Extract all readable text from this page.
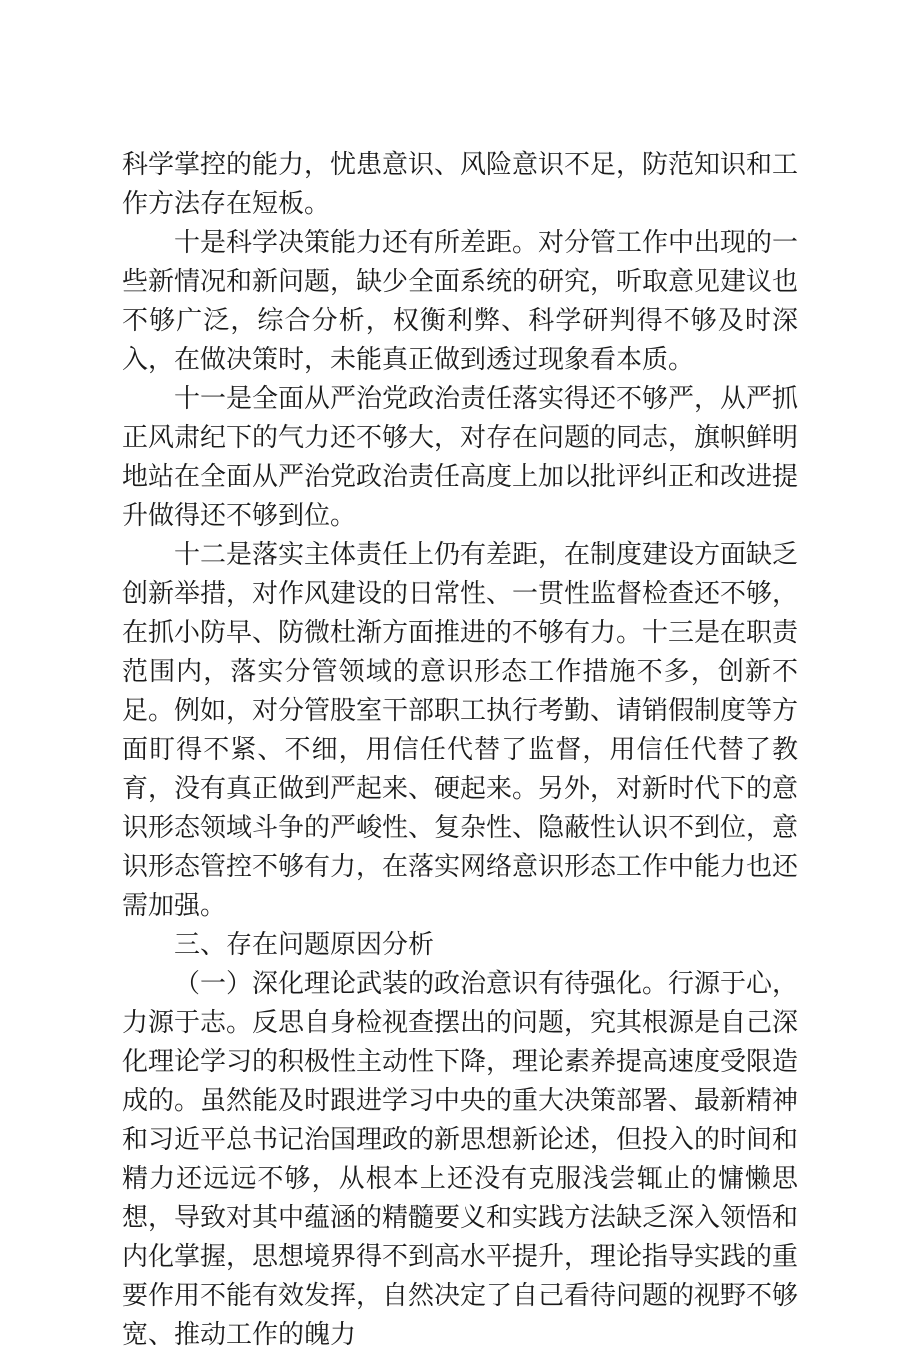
科学掌控的能力，忧患意识、风险意识不足，防范知识和工作方法存在短板。

十是科学决策能力还有所差距。对分管工作中出现的一些新情况和新问题，缺少全面系统的研究，听取意见建议也不够广泛，综合分析，权衡利弊、科学研判得不够及时深入，在做决策时，未能真正做到透过现象看本质。

十一是全面从严治党政治责任落实得还不够严，从严抓正风肃纪下的气力还不够大，对存在问题的同志，旗帜鲜明地站在全面从严治党政治责任高度上加以批评纠正和改进提升做得还不够到位。

十二是落实主体责任上仍有差距，在制度建设方面缺乏创新举措，对作风建设的日常性、一贯性监督检查还不够，在抓小防早、防微杜渐方面推进的不够有力。十三是在职责范围内，落实分管领域的意识形态工作措施不多，创新不足。例如，对分管股室干部职工执行考勤、请销假制度等方面盯得不紧、不细，用信任代替了监督，用信任代替了教育，没有真正做到严起来、硬起来。另外，对新时代下的意识形态领域斗争的严峻性、复杂性、隐蔽性认识不到位，意识形态管控不够有力，在落实网络意识形态工作中能力也还需加强。

三、存在问题原因分析

（一）深化理论武装的政治意识有待强化。行源于心，力源于志。反思自身检视查摆出的问题，究其根源是自己深化理论学习的积极性主动性下降，理论素养提高速度受限造成的。虽然能及时跟进学习中央的重大决策部署、最新精神和习近平总书记治国理政的新思想新论述，但投入的时间和精力还远远不够，从根本上还没有克服浅尝辄止的慵懒思想，导致对其中蕴涵的精髓要义和实践方法缺乏深入领悟和内化掌握，思想境界得不到高水平提升，理论指导实践的重要作用不能有效发挥，自然决定了自己看待问题的视野不够宽、推动工作的魄力
